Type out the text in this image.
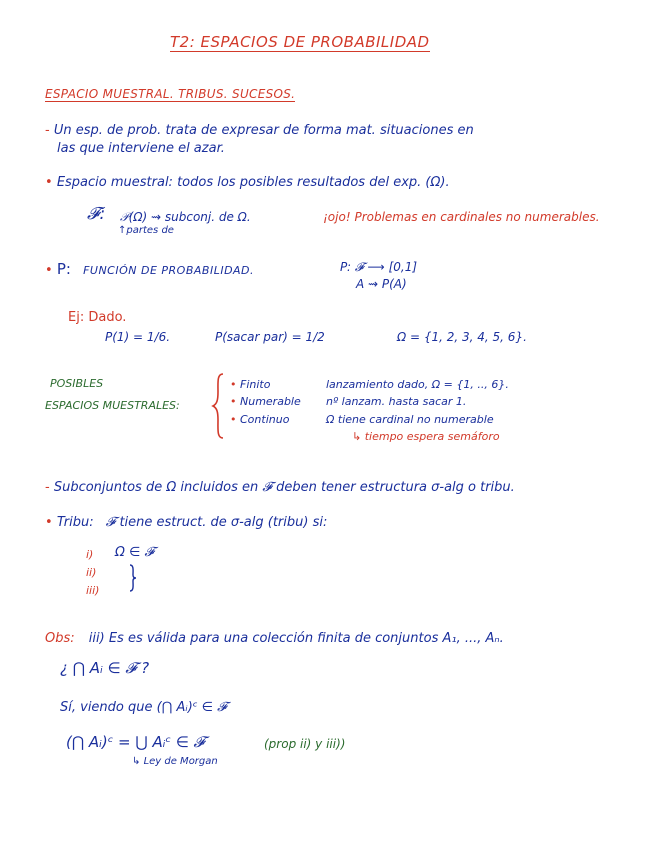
T2: ESPACIOS DE PROBABILIDAD
ESPACIO MUESTRAL. TRIBUS. SUCESOS.
- Un esp. de prob. trata de expresar de forma mat. situaciones en
las que interviene el azar.
• Espacio muestral: todos los posibles resultados del exp. (Ω).
𝓕: 𝒫(Ω) ⇝ subconj. de Ω.
↑partes de
¡ojo! Problemas en cardinales no numerables.
• P: FUNCIÓN DE PROBABILIDAD.	P: 𝓕 ⟶ [0,1]
A ⇝ P(A)
Ej: Dado.
P(1) = 1/6.	P(sacar par) = 1/2	Ω = {1, 2, 3, 4, 5, 6}.
POSIBLES
ESPACIOS MUESTRALES:
• Finito	lanzamiento dado, Ω = {1, .., 6}.
• Numerable nº lanzam. hasta sacar 1.
• Continuo	Ω tiene cardinal no numerable
↳ tiempo espera semáforo
- Subconjuntos de Ω incluidos en 𝓕 deben tener estructura σ-alg o tribu.
• Tribu: 𝓕 tiene estruct. de σ-alg (tribu) si:
i) Ω ∈ 𝓕
ii)
iii)
Obs: iii) Es es válida para una colección finita de conjuntos A₁, ..., Aₙ.
¿ ⋂ Aᵢ ∈ 𝓕 ?
Sí, viendo que (⋂ Aᵢ)ᶜ ∈ 𝓕
(⋂ Aᵢ)ᶜ = ⋃ Aᵢᶜ ∈ 𝓕	(prop ii) y iii))
↳ Ley de Morgan
